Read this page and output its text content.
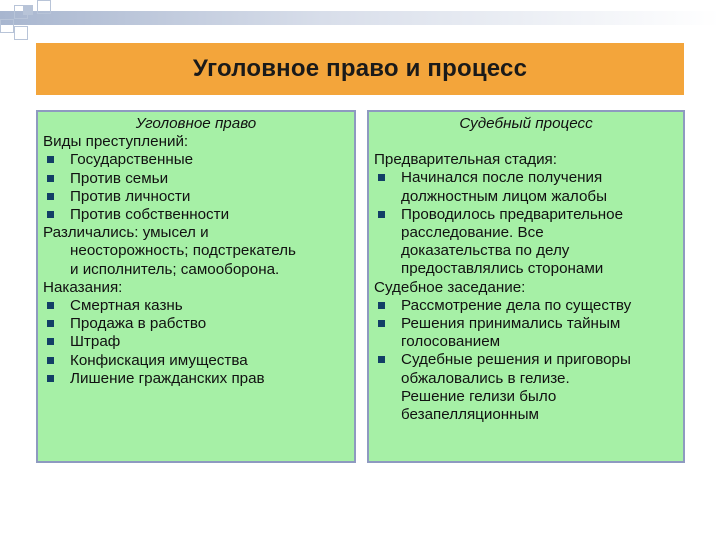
Уголовное право и процесс
Уголовное право
Виды преступлений:
Государственные
Против семьи
Против личности
Против собственности
Различались: умысел и
неосторожность; подстрекатель
и исполнитель; самооборона.
Наказания:
Смертная казнь
Продажа в рабство
Штраф
Конфискация имущества
Лишение гражданских прав
Судебный процесс
Предварительная стадия:
Начинался после получения
должностным лицом жалобы
Проводилось предварительное
расследование. Все
доказательства по делу
предоставлялись сторонами
Судебное заседание:
Рассмотрение дела по существу
Решения принимались тайным
голосованием
Судебные решения и приговоры
обжаловались в гелизе.
Решение гелизи было
безапелляционным
